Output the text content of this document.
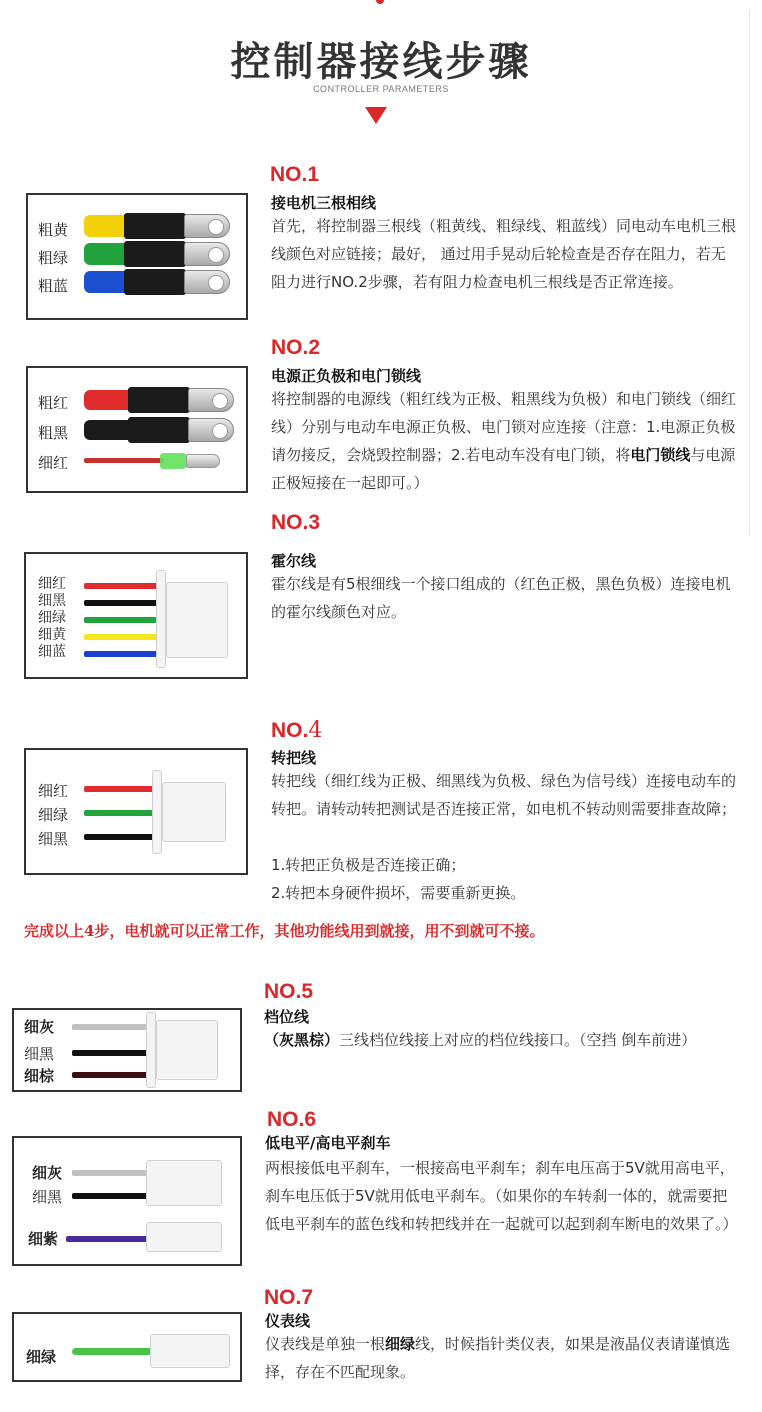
控制器接线步骤
CONTROLLER PARAMETERS
粗黄
粗绿
粗蓝
NO.1
接电机三根相线
首先，将控制器三根线（粗黄线、粗绿线、粗蓝线）同电动车电机三根线颜色对应链接；最好， 通过用手晃动后轮检查是否存在阻力，若无阻力进行NO.2步骤，若有阻力检查电机三根线是否正常连接。
粗红
粗黑
细红
NO.2
电源正负极和电门锁线
将控制器的电源线（粗红线为正极、粗黑线为负极）和电门锁线（细红线）分别与电动车电源正负极、电门锁对应连接（注意：1.电源正负极请勿接反，会烧毁控制器；2.若电动车没有电门锁，将电门锁线与电源正极短接在一起即可。）
细红
细黑
细绿
细黄
细蓝
NO.3
霍尔线
霍尔线是有5根细线一个接口组成的（红色正极，黑色负极）连接电机的霍尔线颜色对应。
细红
细绿
细黑
NO.4
转把线
转把线（细红线为正极、细黑线为负极、绿色为信号线）连接电动车的转把。请转动转把测试是否连接正常，如电机不转动则需要排查故障；
1.转把正负极是否连接正确；
2.转把本身硬件损坏，需要重新更换。
完成以上4步，电机就可以正常工作，其他功能线用到就接，用不到就可不接。
细灰
细黑
细棕
NO.5
档位线
（灰黑棕）三线档位线接上对应的档位线接口。（空挡 倒车前进）
细灰
细黑
细紫
NO.6
低电平/高电平刹车
两根接低电平刹车，一根接高电平刹车；刹车电压高于5V就用高电平，刹车电压低于5V就用低电平刹车。（如果你的车转刹一体的，就需要把低电平刹车的蓝色线和转把线并在一起就可以起到刹车断电的效果了。）
细绿
NO.7
仪表线
仪表线是单独一根细绿线，时候指针类仪表，如果是液晶仪表请谨慎选择，存在不匹配现象。
